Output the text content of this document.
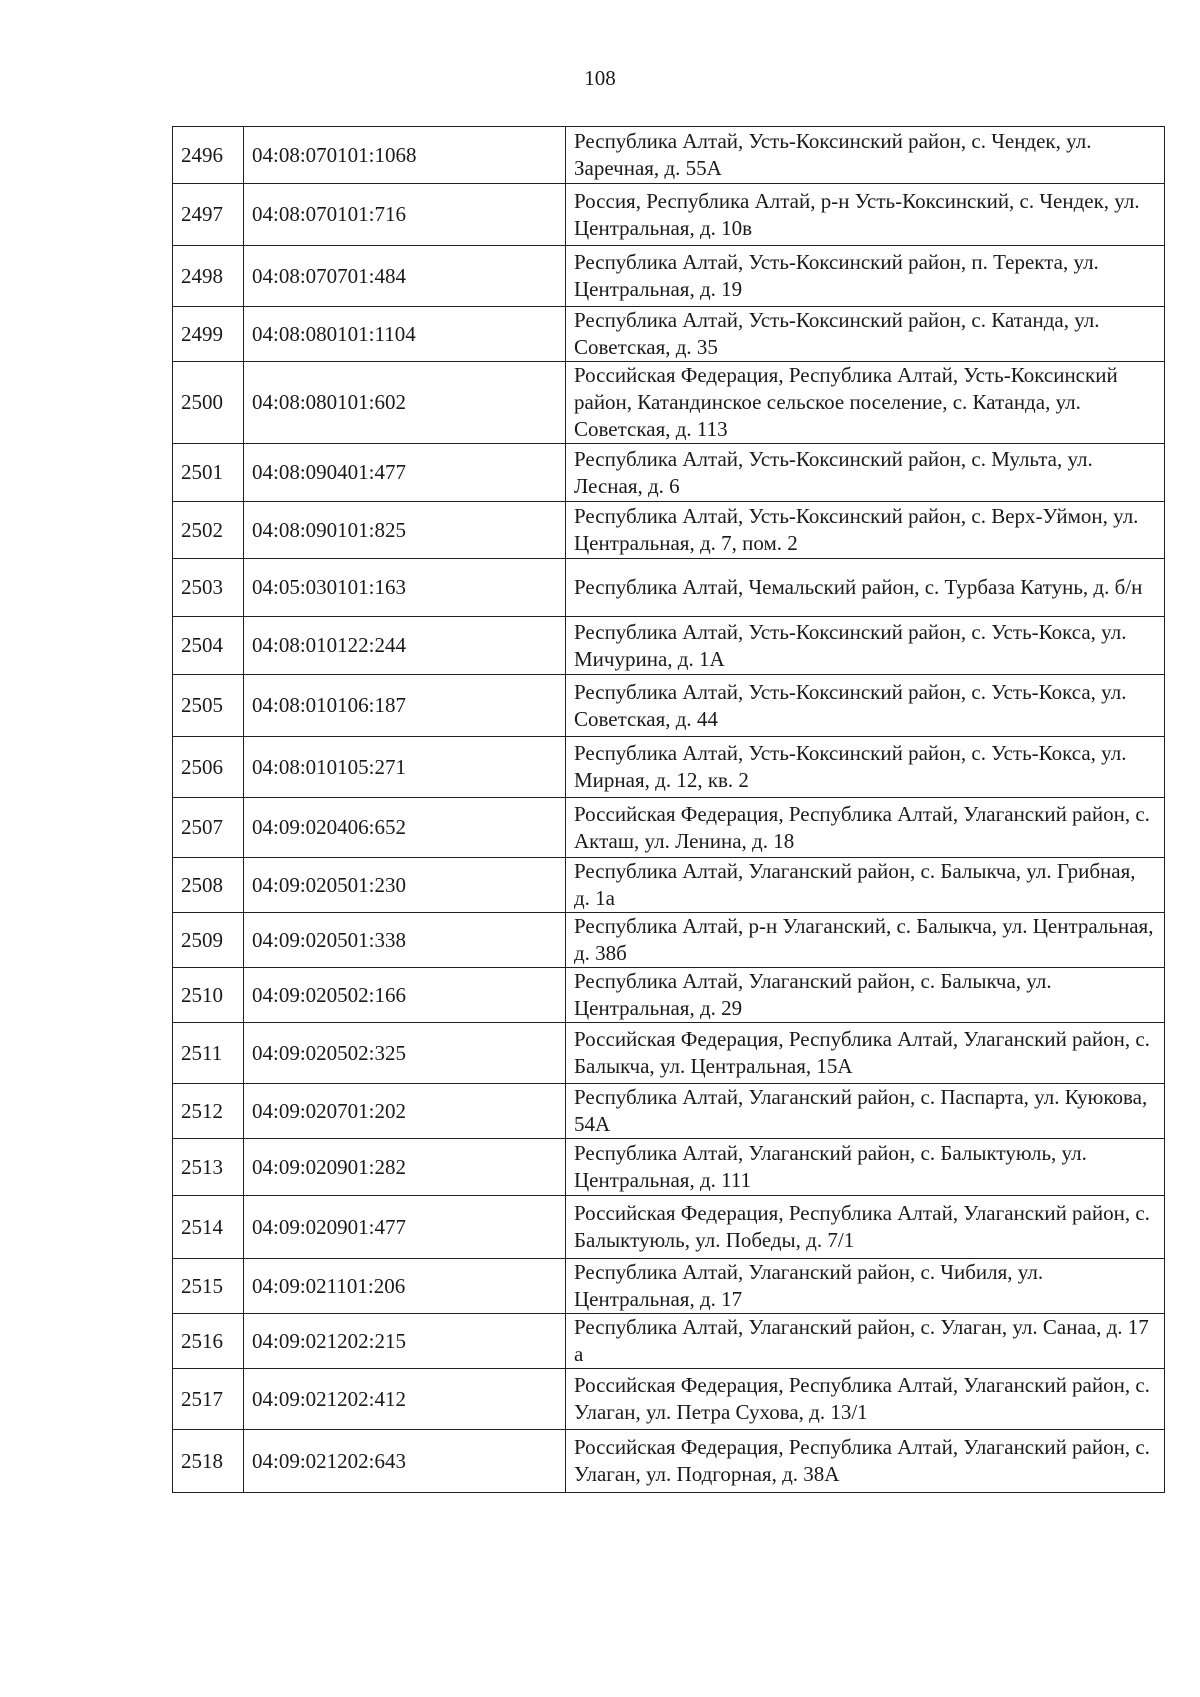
108
2496	04:08:070101:1068	Республика Алтай, Усть-Коксинский район, с. Чендек, ул. Заречная, д. 55А
2497	04:08:070101:716	Россия, Республика Алтай, р-н Усть-Коксинский, с. Чендек, ул. Центральная, д. 10в
2498	04:08:070701:484	Республика Алтай, Усть-Коксинский район, п. Теректа, ул. Центральная, д. 19
2499	04:08:080101:1104	Республика Алтай, Усть-Коксинский район, с. Катанда, ул. Советская, д. 35
2500	04:08:080101:602	Российская Федерация, Республика Алтай, Усть-Коксинский район, Катандинское сельское поселение, с. Катанда, ул. Советская, д. 113
2501	04:08:090401:477	Республика Алтай, Усть-Коксинский район, с. Мульта, ул. Лесная, д. 6
2502	04:08:090101:825	Республика Алтай, Усть-Коксинский район, с. Верх-Уймон, ул. Центральная, д. 7, пом. 2
2503	04:05:030101:163	Республика Алтай, Чемальский район, с. Турбаза Катунь, д. б/н
2504	04:08:010122:244	Республика Алтай, Усть-Коксинский район, с. Усть-Кокса, ул. Мичурина, д. 1А
2505	04:08:010106:187	Республика Алтай, Усть-Коксинский район, с. Усть-Кокса, ул. Советская, д. 44
2506	04:08:010105:271	Республика Алтай, Усть-Коксинский район, с. Усть-Кокса, ул. Мирная, д. 12, кв. 2
2507	04:09:020406:652	Российская Федерация, Республика Алтай, Улаганский район, с. Акташ, ул. Ленина, д. 18
2508	04:09:020501:230	Республика Алтай, Улаганский район, с. Балыкча, ул. Грибная, д. 1а
2509	04:09:020501:338	Республика Алтай, р-н Улаганский, с. Балыкча, ул. Центральная, д. 38б
2510	04:09:020502:166	Республика Алтай, Улаганский район, с. Балыкча, ул. Центральная, д. 29
2511	04:09:020502:325	Российская Федерация, Республика Алтай, Улаганский район, с. Балыкча, ул. Центральная, 15А
2512	04:09:020701:202	Республика Алтай, Улаганский район, с. Паспарта, ул. Куюкова, 54А
2513	04:09:020901:282	Республика Алтай, Улаганский район, с. Балыктуюль, ул. Центральная, д. 111
2514	04:09:020901:477	Российская Федерация, Республика Алтай, Улаганский район, с. Балыктуюль, ул. Победы, д. 7/1
2515	04:09:021101:206	Республика Алтай, Улаганский район, с. Чибиля, ул. Центральная, д. 17
2516	04:09:021202:215	Республика Алтай, Улаганский район, с. Улаган, ул. Санаа, д. 17 а
2517	04:09:021202:412	Российская Федерация, Республика Алтай, Улаганский район, с. Улаган, ул. Петра Сухова, д. 13/1
2518	04:09:021202:643	Российская Федерация, Республика Алтай, Улаганский район, с. Улаган, ул. Подгорная, д. 38А
